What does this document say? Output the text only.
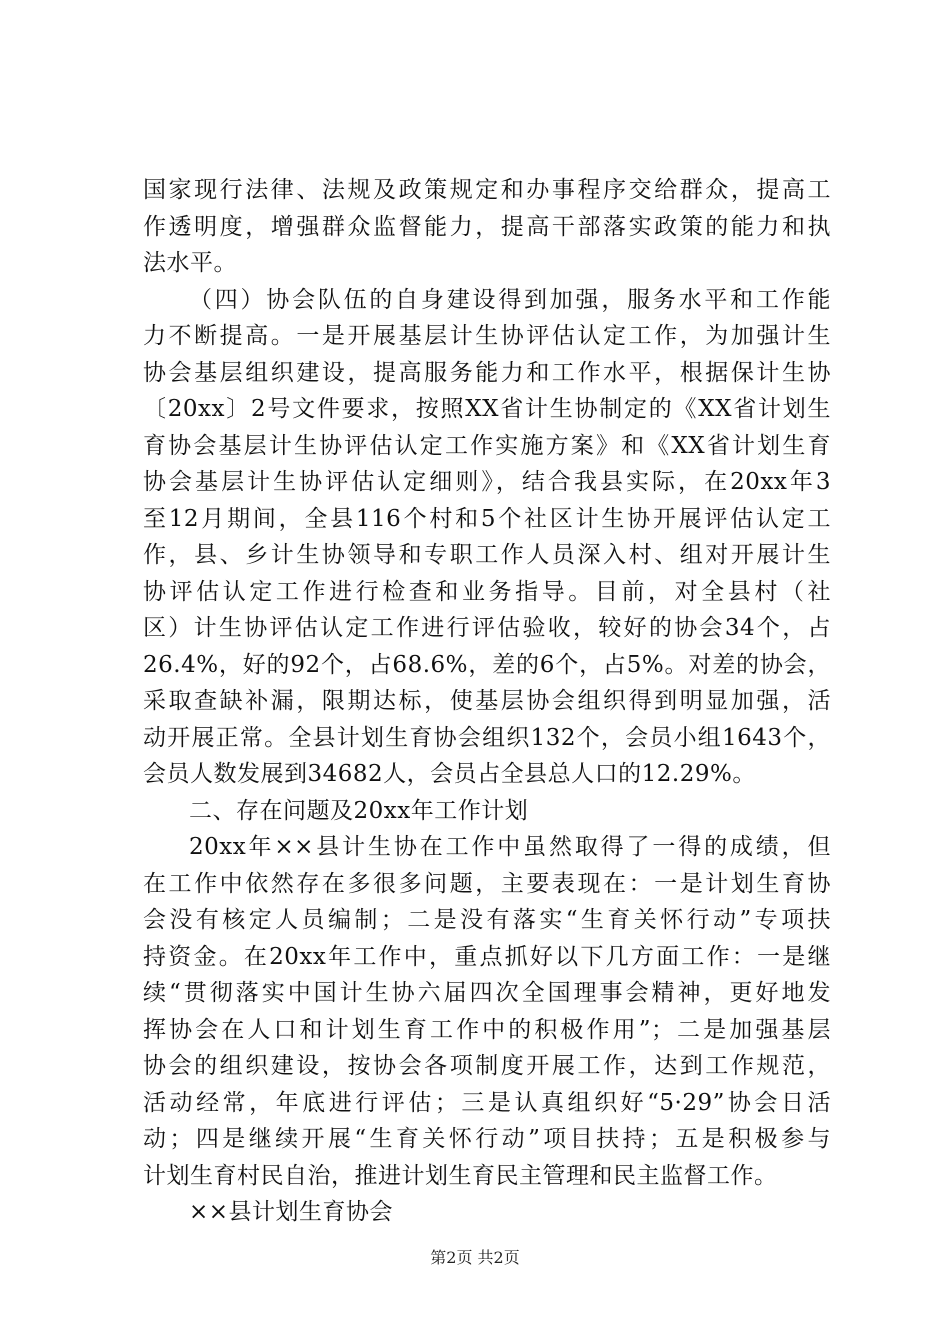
国家现行法律、法规及政策规定和办事程序交给群众，提高工
作透明度，增强群众监督能力，提高干部落实政策的能力和执
法水平。
（四）协会队伍的自身建设得到加强，服务水平和工作能
力不断提高。一是开展基层计生协评估认定工作，为加强计生
协会基层组织建设，提高服务能力和工作水平，根据保计生协
〔20xx〕2号文件要求，按照XX省计生协制定的《XX省计划生
育协会基层计生协评估认定工作实施方案》和《XX省计划生育
协会基层计生协评估认定细则》，结合我县实际，在20xx年3
至12月期间，全县116个村和5个社区计生协开展评估认定工
作，县、乡计生协领导和专职工作人员深入村、组对开展计生
协评估认定工作进行检查和业务指导。目前，对全县村（社
区）计生协评估认定工作进行评估验收，较好的协会34个，占
26.4%，好的92个，占68.6%，差的6个，占5%。对差的协会，
采取查缺补漏，限期达标，使基层协会组织得到明显加强，活
动开展正常。全县计划生育协会组织132个，会员小组1643个，
会员人数发展到34682人，会员占全县总人口的12.29%。
二、存在问题及20xx年工作计划
20xx年××县计生协在工作中虽然取得了一得的成绩，但
在工作中依然存在多很多问题，主要表现在：一是计划生育协
会没有核定人员编制；二是没有落实“生育关怀行动”专项扶
持资金。在20xx年工作中，重点抓好以下几方面工作：一是继
续“贯彻落实中国计生协六届四次全国理事会精神，更好地发
挥协会在人口和计划生育工作中的积极作用”；二是加强基层
协会的组织建设，按协会各项制度开展工作，达到工作规范，
活动经常，年底进行评估；三是认真组织好“5·29”协会日活
动；四是继续开展“生育关怀行动”项目扶持；五是积极参与
计划生育村民自治，推进计划生育民主管理和民主监督工作。
××县计划生育协会
第2页 共2页
